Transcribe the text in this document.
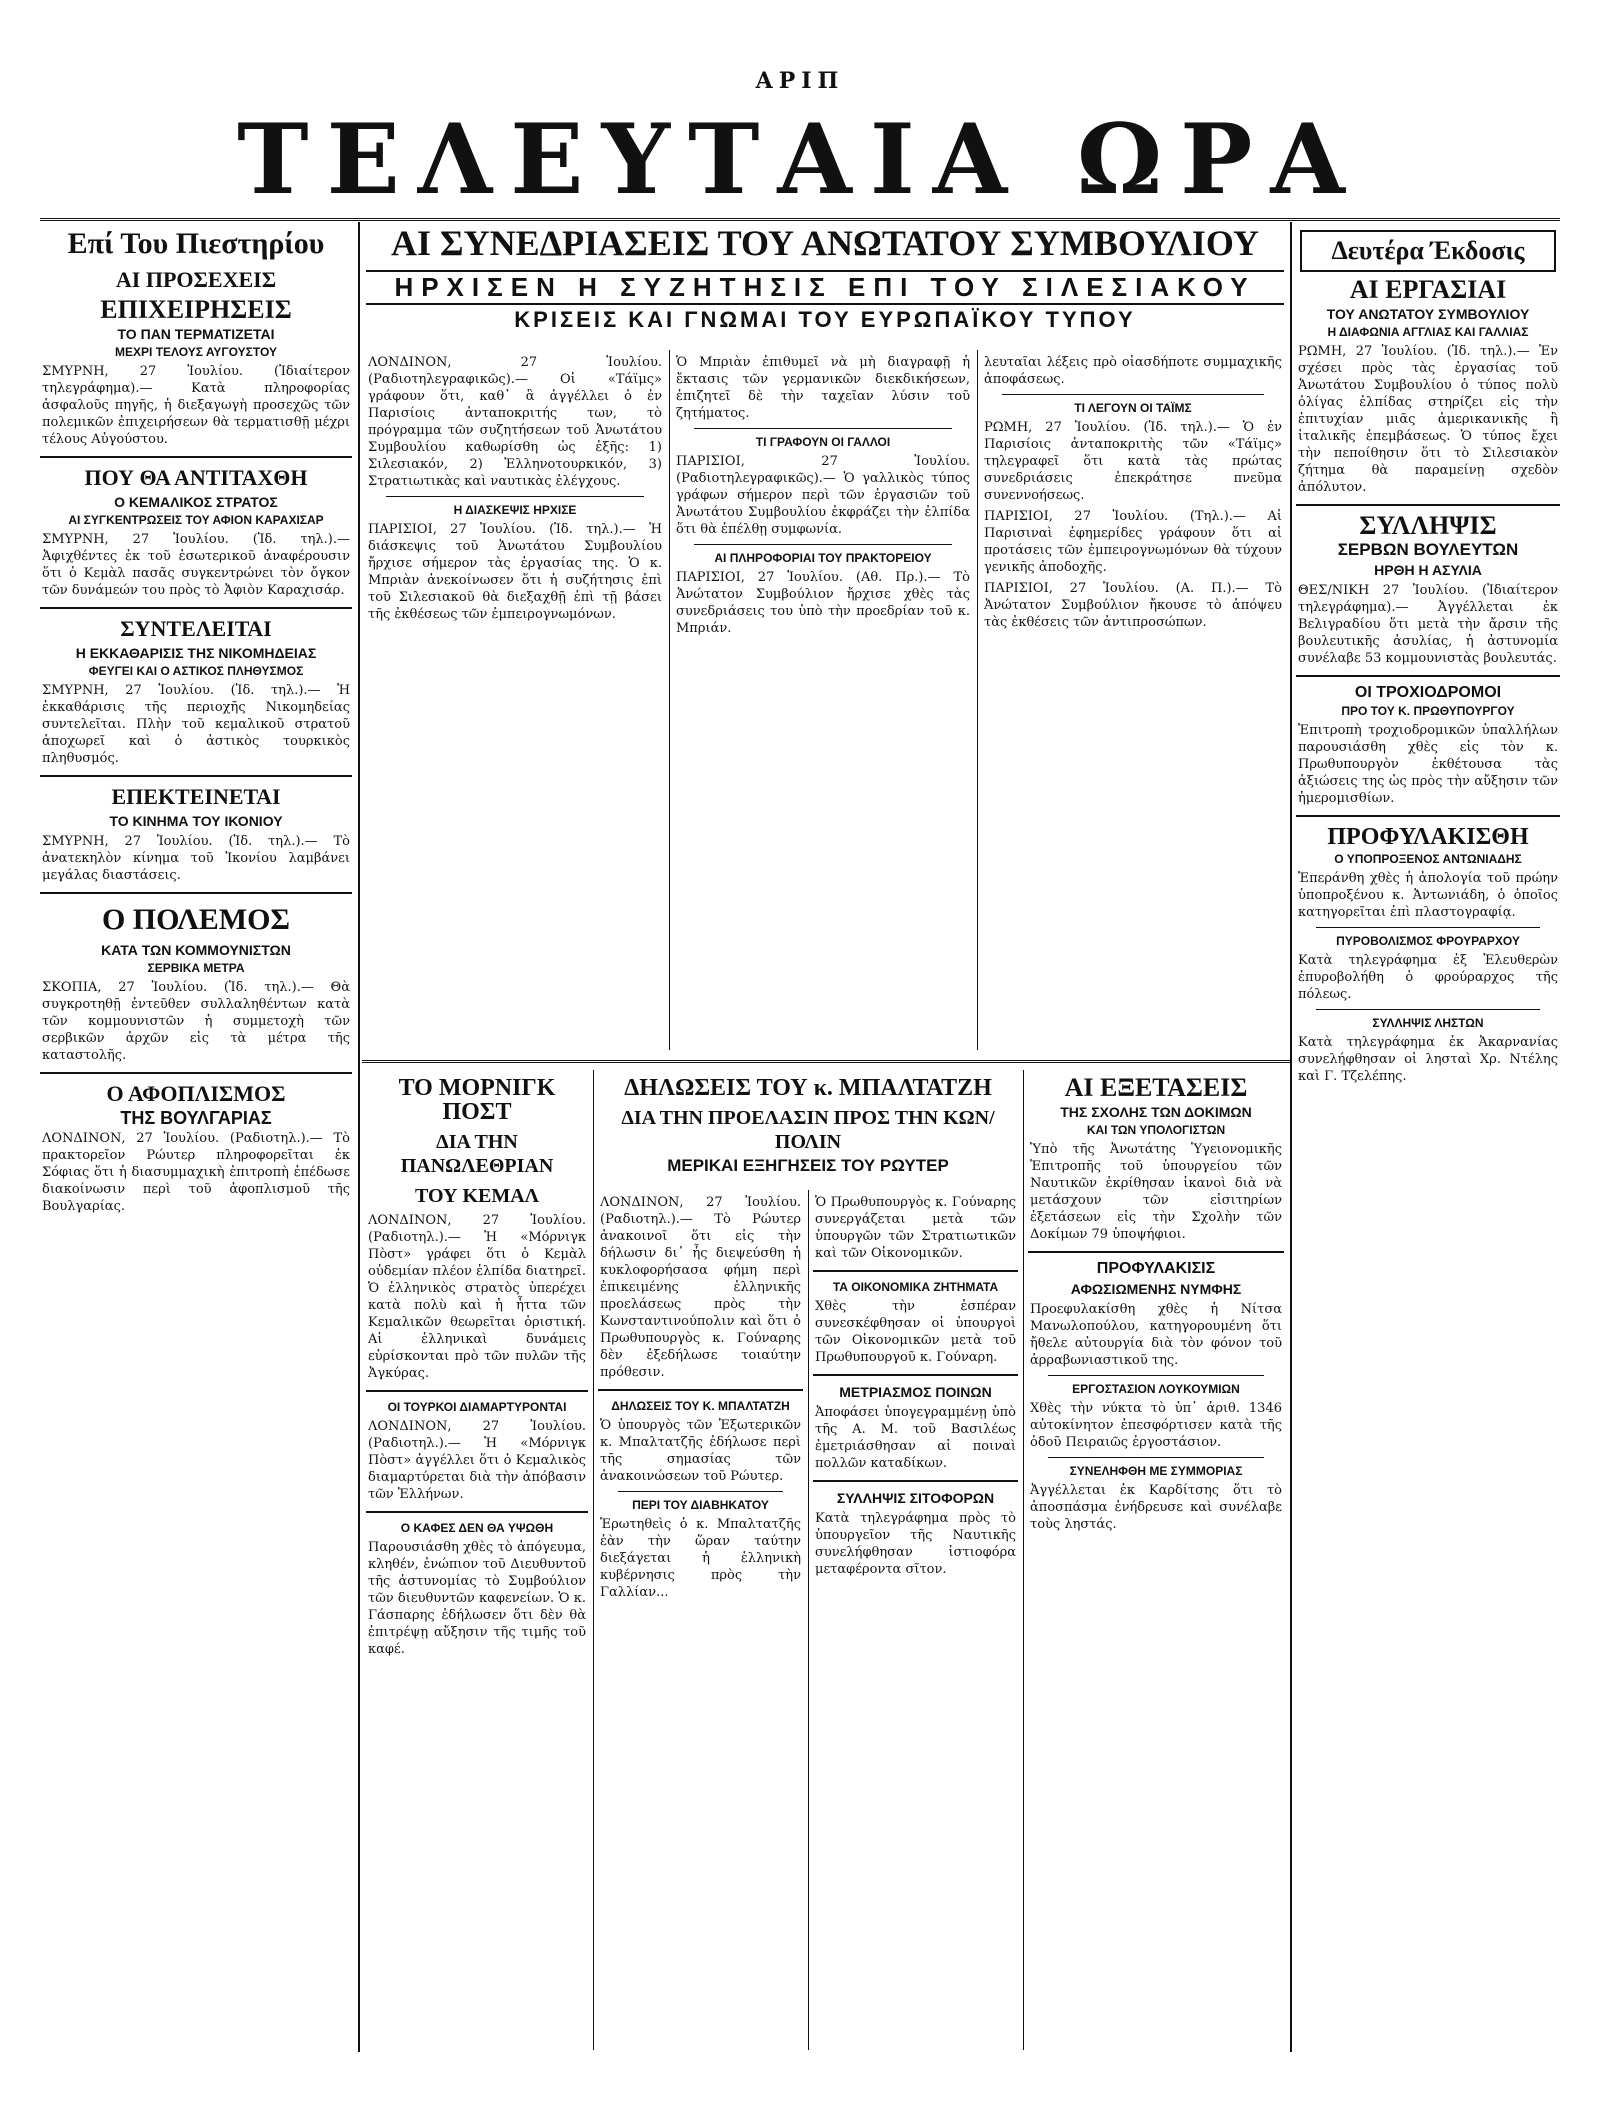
ΑΡΙΠ
ΤΕΛΕΥΤΑΙΑ ΩΡΑ
Επί Του Πιεστηρίου
ΑΙ ΠΡΟΣΕΧΕΙΣ
ΕΠΙΧΕΙΡΗΣΕΙΣ
ΤΟ ΠΑΝ ΤΕΡΜΑΤΙΖΕΤΑΙ
ΜΕΧΡΙ ΤΕΛΟΥΣ ΑΥΓΟΥΣΤΟΥ
ΣΜΥΡΝΗ, 27 Ἰουλίου. (Ἰδιαίτερον τηλεγράφημα).— Κατὰ πληροφορίας ἀσφαλοῦς πηγῆς, ἡ διεξαγωγὴ προσεχῶς τῶν πολεμικῶν ἐπιχειρήσεων θὰ τερματισθῇ μέχρι τέλους Αὐγούστου.
ΠΟΥ ΘΑ ΑΝΤΙΤΑΧΘΗ
Ο ΚΕΜΑΛΙΚΟΣ ΣΤΡΑΤΟΣ
ΑΙ ΣΥΓΚΕΝΤΡΩΣΕΙΣ ΤΟΥ ΑΦΙΟΝ ΚΑΡΑΧΙΣΑΡ
ΣΜΥΡΝΗ, 27 Ἰουλίου. (Ἰδ. τηλ.).— Ἀφιχθέντες ἐκ τοῦ ἐσωτερικοῦ ἀναφέρουσιν ὅτι ὁ Κεμὰλ πασᾶς συγκεντρώνει τὸν ὄγκον τῶν δυνάμεών του πρὸς τὸ Ἀφιὸν Καραχισάρ.
ΣΥΝΤΕΛΕΙΤΑΙ
Η ΕΚΚΑΘΑΡΙΣΙΣ ΤΗΣ ΝΙΚΟΜΗΔΕΙΑΣ
ΦΕΥΓΕΙ ΚΑΙ Ο ΑΣΤΙΚΟΣ ΠΛΗΘΥΣΜΟΣ
ΣΜΥΡΝΗ, 27 Ἰουλίου. (Ἰδ. τηλ.).— Ἡ ἐκκαθάρισις τῆς περιοχῆς Νικομηδείας συντελεῖται. Πλὴν τοῦ κεμαλικοῦ στρατοῦ ἀποχωρεῖ καὶ ὁ ἀστικὸς τουρκικὸς πληθυσμός.
ΕΠΕΚΤΕΙΝΕΤΑΙ
ΤΟ ΚΙΝΗΜΑ ΤΟΥ ΙΚΟΝΙΟΥ
ΣΜΥΡΝΗ, 27 Ἰουλίου. (Ἰδ. τηλ.).— Τὸ ἀνατεκηλὸν κίνημα τοῦ Ἰκονίου λαμβάνει μεγάλας διαστάσεις.
Ο ΠΟΛΕΜΟΣ
ΚΑΤΑ ΤΩΝ ΚΟΜΜΟΥΝΙΣΤΩΝ
ΣΕΡΒΙΚΑ ΜΕΤΡΑ
ΣΚΟΠΙΑ, 27 Ἰουλίου. (Ἰδ. τηλ.).— Θὰ συγκροτηθῇ ἐντεῦθεν συλλαληθέντων κατὰ τῶν κομμουνιστῶν ἡ συμμετοχὴ τῶν σερβικῶν ἀρχῶν εἰς τὰ μέτρα τῆς καταστολῆς.
Ο ΑΦΟΠΛΙΣΜΟΣ
ΤΗΣ ΒΟΥΛΓΑΡΙΑΣ
ΛΟΝΔΙΝΟΝ, 27 Ἰουλίου. (Ραδιοτηλ.).— Τὸ πρακτορεῖον Ρώυτερ πληροφορεῖται ἐκ Σόφιας ὅτι ἡ διασυμμαχικὴ ἐπιτροπὴ ἐπέδωσε διακοίνωσιν περὶ τοῦ ἀφοπλισμοῦ τῆς Βουλγαρίας.
ΑΙ ΣΥΝΕΔΡΙΑΣΕΙΣ ΤΟΥ ΑΝΩΤΑΤΟΥ ΣΥΜΒΟΥΛΙΟΥ
ΗΡΧΙΣΕΝ Η ΣΥΖΗΤΗΣΙΣ ΕΠΙ ΤΟΥ ΣΙΛΕΣΙΑΚΟΥ
ΚΡΙΣΕΙΣ ΚΑΙ ΓΝΩΜΑΙ ΤΟΥ ΕΥΡΩΠΑΪΚΟΥ ΤΥΠΟΥ
ΛΟΝΔΙΝΟΝ, 27 Ἰουλίου. (Ραδιοτηλεγραφικῶς).— Οἱ «Τάϊμς» γράφουν ὅτι, καθ᾽ ἃ ἀγγέλλει ὁ ἐν Παρισίοις ἀνταποκριτής των, τὸ πρόγραμμα τῶν συζητήσεων τοῦ Ἀνωτάτου Συμβουλίου καθωρίσθη ὡς ἑξῆς: 1) Σιλεσιακόν, 2) Ἑλληνοτουρκικόν, 3) Στρατιωτικὰς καὶ ναυτικὰς ἐλέγχους.
Η ΔΙΑΣΚΕΨΙΣ ΗΡΧΙΣΕ
ΠΑΡΙΣΙΟΙ, 27 Ἰουλίου. (Ἰδ. τηλ.).— Ἡ διάσκεψις τοῦ Ἀνωτάτου Συμβουλίου ἤρχισε σήμερον τὰς ἐργασίας της. Ὁ κ. Μπριὰν ἀνεκοίνωσεν ὅτι ἡ συζήτησις ἐπὶ τοῦ Σιλεσιακοῦ θὰ διεξαχθῇ ἐπὶ τῇ βάσει τῆς ἐκθέσεως τῶν ἐμπειρογνωμόνων.
Ὁ Μπριὰν ἐπιθυμεῖ νὰ μὴ διαγραφῇ ἡ ἔκτασις τῶν γερμανικῶν διεκδικήσεων, ἐπιζητεῖ δὲ τὴν ταχεῖαν λύσιν τοῦ ζητήματος.
ΤΙ ΓΡΑΦΟΥΝ ΟΙ ΓΑΛΛΟΙ
ΠΑΡΙΣΙΟΙ, 27 Ἰουλίου. (Ραδιοτηλεγραφικῶς).— Ὁ γαλλικὸς τύπος γράφων σήμερον περὶ τῶν ἐργασιῶν τοῦ Ἀνωτάτου Συμβουλίου ἐκφράζει τὴν ἐλπίδα ὅτι θὰ ἐπέλθῃ συμφωνία.
ΑΙ ΠΛΗΡΟΦΟΡΙΑΙ ΤΟΥ ΠΡΑΚΤΟΡΕΙΟΥ
ΠΑΡΙΣΙΟΙ, 27 Ἰουλίου. (Αθ. Πρ.).— Τὸ Ἀνώτατον Συμβούλιον ἤρχισε χθὲς τὰς συνεδριάσεις του ὑπὸ τὴν προεδρίαν τοῦ κ. Μπριάν.
λευταῖαι λέξεις πρὸ οἱασδήποτε συμμαχικῆς ἀποφάσεως.
ΤΙ ΛΕΓΟΥΝ ΟΙ ΤΑΪΜΣ
ΡΩΜΗ, 27 Ἰουλίου. (Ἰδ. τηλ.).— Ὁ ἐν Παρισίοις ἀνταποκριτὴς τῶν «Τάϊμς» τηλεγραφεῖ ὅτι κατὰ τὰς πρώτας συνεδριάσεις ἐπεκράτησε πνεῦμα συνεννοήσεως.
ΠΑΡΙΣΙΟΙ, 27 Ἰουλίου. (Τηλ.).— Αἱ Παρισιναὶ ἐφημερίδες γράφουν ὅτι αἱ προτάσεις τῶν ἐμπειρογνωμόνων θὰ τύχουν γενικῆς ἀποδοχῆς.
ΠΑΡΙΣΙΟΙ, 27 Ἰουλίου. (Α. Π.).— Τὸ Ἀνώτατον Συμβούλιον ἤκουσε τὸ ἀπόψευ τὰς ἐκθέσεις τῶν ἀντιπροσώπων.
ΤΟ ΜΟΡΝΙΓΚ ΠΟΣΤ
ΔΙΑ ΤΗΝ ΠΑΝΩΛΕΘΡΙΑΝ
ΤΟΥ ΚΕΜΑΛ
ΛΟΝΔΙΝΟΝ, 27 Ἰουλίου. (Ραδιοτηλ.).— Ἡ «Μόρνιγκ Πὸστ» γράφει ὅτι ὁ Κεμὰλ οὐδεμίαν πλέον ἐλπίδα διατηρεῖ. Ὁ ἑλληνικὸς στρατὸς ὑπερέχει κατὰ πολὺ καὶ ἡ ἧττα τῶν Κεμαλικῶν θεωρεῖται ὁριστική. Αἱ ἑλληνικαὶ δυνάμεις εὑρίσκονται πρὸ τῶν πυλῶν τῆς Ἀγκύρας.
ΟΙ ΤΟΥΡΚΟΙ ΔΙΑΜΑΡΤΥΡΟΝΤΑΙ
ΛΟΝΔΙΝΟΝ, 27 Ἰουλίου. (Ραδιοτηλ.).— Ἡ «Μόρνιγκ Πὸστ» ἀγγέλλει ὅτι ὁ Κεμαλικὸς διαμαρτύρεται διὰ τὴν ἀπόβασιν τῶν Ἑλλήνων.
Ο ΚΑΦΕΣ ΔΕΝ ΘΑ ΥΨΩΘΗ
Παρουσιάσθη χθὲς τὸ ἀπόγευμα, κληθέν, ἐνώπιον τοῦ Διευθυντοῦ τῆς ἀστυνομίας τὸ Συμβούλιον τῶν διευθυντῶν καφενείων. Ὁ κ. Γάσπαρης ἐδήλωσεν ὅτι δὲν θὰ ἐπιτρέψῃ αὔξησιν τῆς τιμῆς τοῦ καφέ.
ΔΗΛΩΣΕΙΣ ΤΟΥ κ. ΜΠΑΛΤΑΤΖΗ
ΔΙΑ ΤΗΝ ΠΡΟΕΛΑΣΙΝ ΠΡΟΣ ΤΗΝ ΚΩΝ/ΠΟΛΙΝ
ΜΕΡΙΚΑΙ ΕΞΗΓΗΣΕΙΣ ΤΟΥ ΡΩΥΤΕΡ
ΛΟΝΔΙΝΟΝ, 27 Ἰουλίου. (Ραδιοτηλ.).— Τὸ Ρώυτερ ἀνακοινοῖ ὅτι εἰς τὴν δήλωσιν δι᾽ ἧς διεψεύσθη ἡ κυκλοφορήσασα φήμη περὶ ἐπικειμένης ἑλληνικῆς προελάσεως πρὸς τὴν Κωνσταντινούπολιν καὶ ὅτι ὁ Πρωθυπουργὸς κ. Γούναρης δὲν ἐξεδήλωσε τοιαύτην πρόθεσιν.
ΔΗΛΩΣΕΙΣ ΤΟΥ Κ. ΜΠΑΛΤΑΤΖΗ
Ὁ ὑπουργὸς τῶν Ἐξωτερικῶν κ. Μπαλτατζῆς ἐδήλωσε περὶ τῆς σημασίας τῶν ἀνακοινώσεων τοῦ Ρώυτερ.
ΠΕΡΙ ΤΟΥ ΔΙΑΒΗΚΑΤΟΥ
Ἐρωτηθεὶς ὁ κ. Μπαλτατζῆς ἐὰν τὴν ὥραν ταύτην διεξάγεται ἡ ἑλληνικὴ κυβέρνησις πρὸς τὴν Γαλλίαν...
Ὁ Πρωθυπουργὸς κ. Γούναρης συνεργάζεται μετὰ τῶν ὑπουργῶν τῶν Στρατιωτικῶν καὶ τῶν Οἰκονομικῶν.
ΤΑ ΟΙΚΟΝΟΜΙΚΑ ΖΗΤΗΜΑΤΑ
Χθὲς τὴν ἑσπέραν συνεσκέφθησαν οἱ ὑπουργοὶ τῶν Οἰκονομικῶν μετὰ τοῦ Πρωθυπουργοῦ κ. Γούναρη.
ΜΕΤΡΙΑΣΜΟΣ ΠΟΙΝΩΝ
Ἀποφάσει ὑπογεγραμμένῃ ὑπὸ τῆς Α. Μ. τοῦ Βασιλέως ἐμετριάσθησαν αἱ ποιναὶ πολλῶν καταδίκων.
ΣΥΛΛΗΨΙΣ ΣΙΤΟΦΟΡΩΝ
Κατὰ τηλεγράφημα πρὸς τὸ ὑπουργεῖον τῆς Ναυτικῆς συνελήφθησαν ἰστιοφόρα μεταφέροντα σῖτον.
ΑΙ ΕΞΕΤΑΣΕΙΣ
ΤΗΣ ΣΧΟΛΗΣ ΤΩΝ ΔΟΚΙΜΩΝ
ΚΑΙ ΤΩΝ ΥΠΟΛΟΓΙΣΤΩΝ
Ὑπὸ τῆς Ἀνωτάτης Ὑγειονομικῆς Ἐπιτροπῆς τοῦ ὑπουργείου τῶν Ναυτικῶν ἐκρίθησαν ἱκανοὶ διὰ νὰ μετάσχουν τῶν εἰσιτηρίων ἐξετάσεων εἰς τὴν Σχολὴν τῶν Δοκίμων 79 ὑποψήφιοι.
ΠΡΟΦΥΛΑΚΙΣΙΣ
ΑΦΩΣΙΩΜΕΝΗΣ ΝΥΜΦΗΣ
Προεφυλακίσθη χθὲς ἡ Νίτσα Μανωλοπούλου, κατηγορουμένη ὅτι ἤθελε αὐτουργία διὰ τὸν φόνον τοῦ ἀρραβωνιαστικοῦ της.
ΕΡΓΟΣΤΑΣΙΟΝ ΛΟΥΚΟΥΜΙΩΝ
Χθὲς τὴν νύκτα τὸ ὑπ᾽ ἀριθ. 1346 αὐτοκίνητον ἐπεσφόρτισεν κατὰ τῆς ὁδοῦ Πειραιῶς ἐργοστάσιον.
ΣΥΝΕΛΗΦΘΗ ΜΕ ΣΥΜΜΟΡΙΑΣ
Ἀγγέλλεται ἐκ Καρδίτσης ὅτι τὸ ἀποσπάσμα ἐνήδρευσε καὶ συνέλαβε τοὺς ληστάς.
Δευτέρα Έκδοσις
ΑΙ ΕΡΓΑΣΙΑΙ
ΤΟΥ ΑΝΩΤΑΤΟΥ ΣΥΜΒΟΥΛΙΟΥ
Η ΔΙΑΦΩΝΙΑ ΑΓΓΛΙΑΣ ΚΑΙ ΓΑΛΛΙΑΣ
ΡΩΜΗ, 27 Ἰουλίου. (Ἰδ. τηλ.).— Ἐν σχέσει πρὸς τὰς ἐργασίας τοῦ Ἀνωτάτου Συμβουλίου ὁ τύπος πολὺ ὀλίγας ἐλπίδας στηρίζει εἰς τὴν ἐπιτυχίαν μιᾶς ἀμερικανικῆς ἢ ἰταλικῆς ἐπεμβάσεως. Ὁ τύπος ἔχει τὴν πεποίθησιν ὅτι τὸ Σιλεσιακὸν ζήτημα θὰ παραμείνῃ σχεδὸν ἀπόλυτον.
ΣΥΛΛΗΨΙΣ
ΣΕΡΒΩΝ ΒΟΥΛΕΥΤΩΝ
ΗΡΘΗ Η ΑΣΥΛΙΑ
ΘΕΣ/ΝΙΚΗ 27 Ἰουλίου. (Ἰδιαίτερον τηλεγράφημα).— Ἀγγέλλεται ἐκ Βελιγραδίου ὅτι μετὰ τὴν ἄρσιν τῆς βουλευτικῆς ἀσυλίας, ἡ ἀστυνομία συνέλαβε 53 κομμουνιστὰς βουλευτάς.
ΟΙ ΤΡΟΧΙΟΔΡΟΜΟΙ
ΠΡΟ ΤΟΥ Κ. ΠΡΩΘΥΠΟΥΡΓΟΥ
Ἐπιτροπὴ τροχιοδρομικῶν ὑπαλλήλων παρουσιάσθη χθὲς εἰς τὸν κ. Πρωθυπουργὸν ἐκθέτουσα τὰς ἀξιώσεις της ὡς πρὸς τὴν αὔξησιν τῶν ἡμερομισθίων.
ΠΡΟΦΥΛΑΚΙΣΘΗ
Ο ΥΠΟΠΡΟΞΕΝΟΣ ΑΝΤΩΝΙΑΔΗΣ
Ἐπεράνθη χθὲς ἡ ἀπολογία τοῦ πρώην ὑποπροξένου κ. Ἀντωνιάδη, ὁ ὁποῖος κατηγορεῖται ἐπὶ πλαστογραφίᾳ.
ΠΥΡΟΒΟΛΙΣΜΟΣ ΦΡΟΥΡΑΡΧΟΥ
Κατὰ τηλεγράφημα ἐξ Ἐλευθερὼν ἐπυροβολήθη ὁ φρούραρχος τῆς πόλεως.
ΣΥΛΛΗΨΙΣ ΛΗΣΤΩΝ
Κατὰ τηλεγράφημα ἐκ Ἀκαρνανίας συνελήφθησαν οἱ λησταὶ Χρ. Ντέλης καὶ Γ. Τζελέπης.
